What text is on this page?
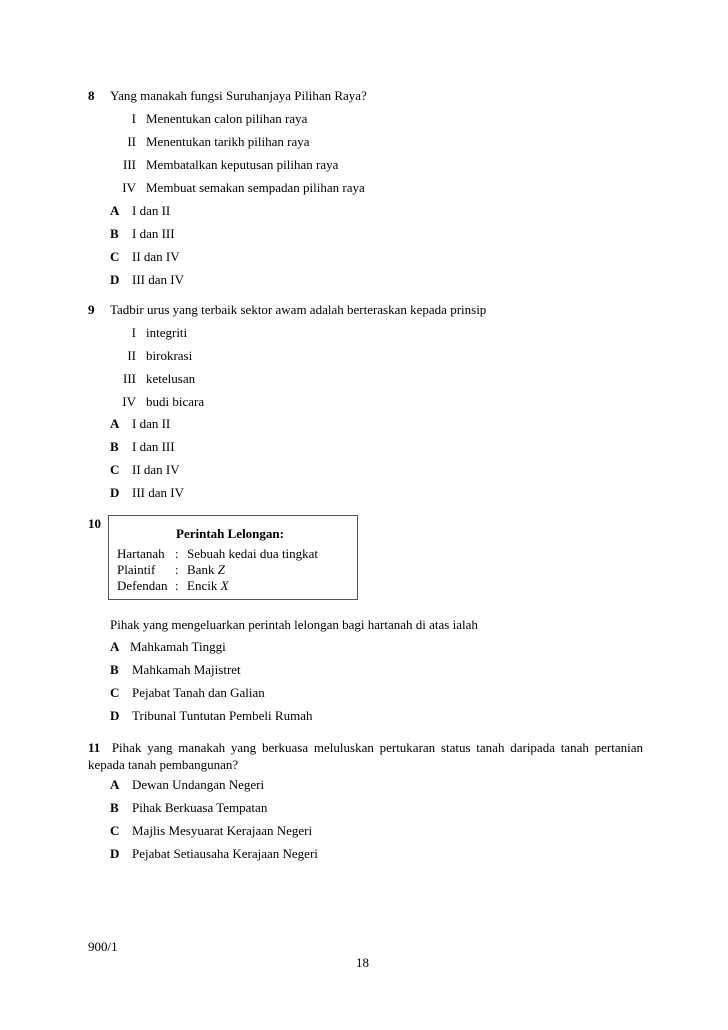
8 Yang manakah fungsi Suruhanjaya Pilihan Raya?
I Menentukan calon pilihan raya
II Menentukan tarikh pilihan raya
III Membatalkan keputusan pilihan raya
IV Membuat semakan sempadan pilihan raya
A I dan II
B I dan III
C II dan IV
D III dan IV
9 Tadbir urus yang terbaik sektor awam adalah berteraskan kepada prinsip
I integriti
II birokrasi
III ketelusan
IV budi bicara
A I dan II
B I dan III
C II dan IV
D III dan IV
10
Perintah Lelongan:
Hartanah : Sebuah kedai dua tingkat
Plaintif : Bank Z
Defendan : Encik X
Pihak yang mengeluarkan perintah lelongan bagi hartanah di atas ialah
A Mahkamah Tinggi
B Mahkamah Majistret
C Pejabat Tanah dan Galian
D Tribunal Tuntutan Pembeli Rumah
11 Pihak yang manakah yang berkuasa meluluskan pertukaran status tanah daripada tanah pertanian kepada tanah pembangunan?
A Dewan Undangan Negeri
B Pihak Berkuasa Tempatan
C Majlis Mesyuarat Kerajaan Negeri
D Pejabat Setiausaha Kerajaan Negeri
900/1
18
